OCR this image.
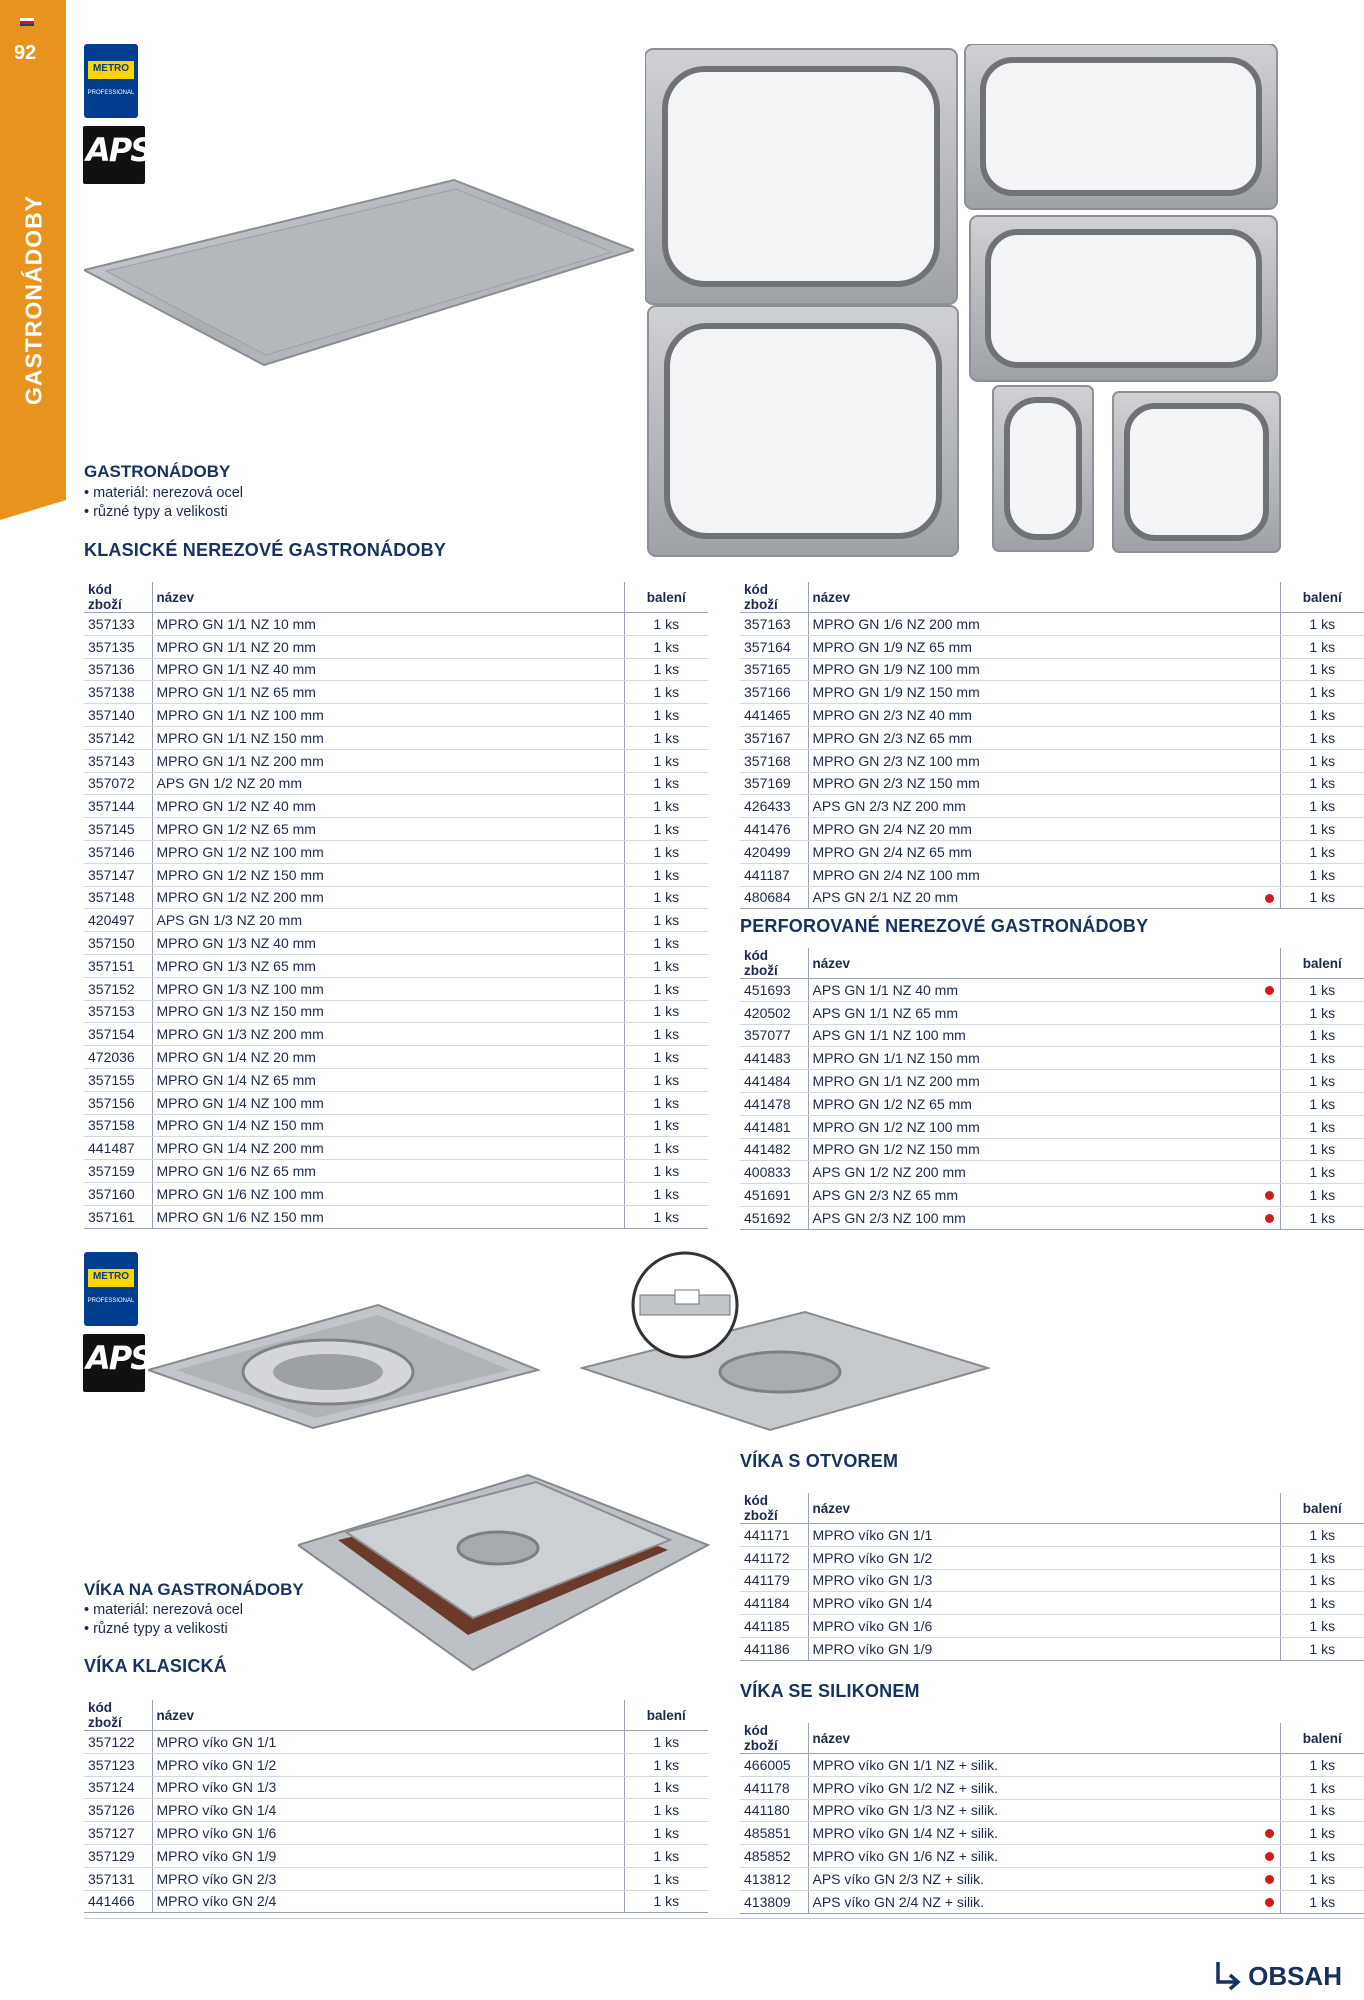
92
GASTRONÁDOBY
METRO
PROFESSIONAL
APS
GASTRONÁDOBY
• materiál: nerezová ocel
• různé typy a velikosti
KLASICKÉ NEREZOVÉ GASTRONÁDOBY
kód zboží	název	balení
357133	MPRO GN 1/1 NZ 10 mm	1 ks
357135	MPRO GN 1/1 NZ 20 mm	1 ks
357136	MPRO GN 1/1 NZ 40 mm	1 ks
357138	MPRO GN 1/1 NZ 65 mm	1 ks
357140	MPRO GN 1/1 NZ 100 mm	1 ks
357142	MPRO GN 1/1 NZ 150 mm	1 ks
357143	MPRO GN 1/1 NZ 200 mm	1 ks
357072	APS GN 1/2 NZ 20 mm	1 ks
357144	MPRO GN 1/2 NZ 40 mm	1 ks
357145	MPRO GN 1/2 NZ 65 mm	1 ks
357146	MPRO GN 1/2 NZ 100 mm	1 ks
357147	MPRO GN 1/2 NZ 150 mm	1 ks
357148	MPRO GN 1/2 NZ 200 mm	1 ks
420497	APS GN 1/3 NZ 20 mm	1 ks
357150	MPRO GN 1/3 NZ 40 mm	1 ks
357151	MPRO GN 1/3 NZ 65 mm	1 ks
357152	MPRO GN 1/3 NZ 100 mm	1 ks
357153	MPRO GN 1/3 NZ 150 mm	1 ks
357154	MPRO GN 1/3 NZ 200 mm	1 ks
472036	MPRO GN 1/4 NZ 20 mm	1 ks
357155	MPRO GN 1/4 NZ 65 mm	1 ks
357156	MPRO GN 1/4 NZ 100 mm	1 ks
357158	MPRO GN 1/4 NZ 150 mm	1 ks
441487	MPRO GN 1/4 NZ 200 mm	1 ks
357159	MPRO GN 1/6 NZ 65 mm	1 ks
357160	MPRO GN 1/6 NZ 100 mm	1 ks
357161	MPRO GN 1/6 NZ 150 mm	1 ks
kód zboží	název	balení
357163	MPRO GN 1/6 NZ 200 mm	1 ks
357164	MPRO GN 1/9 NZ 65 mm	1 ks
357165	MPRO GN 1/9 NZ 100 mm	1 ks
357166	MPRO GN 1/9 NZ 150 mm	1 ks
441465	MPRO GN 2/3 NZ 40 mm	1 ks
357167	MPRO GN 2/3 NZ 65 mm	1 ks
357168	MPRO GN 2/3 NZ 100 mm	1 ks
357169	MPRO GN 2/3 NZ 150 mm	1 ks
426433	APS GN 2/3 NZ 200 mm	1 ks
441476	MPRO GN 2/4 NZ 20 mm	1 ks
420499	MPRO GN 2/4 NZ 65 mm	1 ks
441187	MPRO GN 2/4 NZ 100 mm	1 ks
480684	APS GN 2/1 NZ 20 mm	1 ks
PERFOROVANÉ NEREZOVÉ GASTRONÁDOBY
kód zboží	název	balení
451693	APS GN 1/1 NZ 40 mm	1 ks
420502	APS GN 1/1 NZ 65 mm	1 ks
357077	APS GN 1/1 NZ 100 mm	1 ks
441483	MPRO GN 1/1 NZ 150 mm	1 ks
441484	MPRO GN 1/1 NZ 200 mm	1 ks
441478	MPRO GN 1/2 NZ 65 mm	1 ks
441481	MPRO GN 1/2 NZ 100 mm	1 ks
441482	MPRO GN 1/2 NZ 150 mm	1 ks
400833	APS GN 1/2 NZ 200 mm	1 ks
451691	APS GN 2/3 NZ 65 mm	1 ks
451692	APS GN 2/3 NZ 100 mm	1 ks
METRO
PROFESSIONAL
APS
VÍKA NA GASTRONÁDOBY
• materiál: nerezová ocel
• různé typy a velikosti
VÍKA KLASICKÁ
kód zboží	název	balení
357122	MPRO víko GN 1/1	1 ks
357123	MPRO víko GN 1/2	1 ks
357124	MPRO víko GN 1/3	1 ks
357126	MPRO víko GN 1/4	1 ks
357127	MPRO víko GN 1/6	1 ks
357129	MPRO víko GN 1/9	1 ks
357131	MPRO víko GN 2/3	1 ks
441466	MPRO víko GN 2/4	1 ks
VÍKA S OTVOREM
kód zboží	název	balení
441171	MPRO víko GN 1/1	1 ks
441172	MPRO víko GN 1/2	1 ks
441179	MPRO víko GN 1/3	1 ks
441184	MPRO víko GN 1/4	1 ks
441185	MPRO víko GN 1/6	1 ks
441186	MPRO víko GN 1/9	1 ks
VÍKA SE SILIKONEM
kód zboží	název	balení
466005	MPRO víko GN 1/1 NZ + silik.	1 ks
441178	MPRO víko GN 1/2 NZ + silik.	1 ks
441180	MPRO víko GN 1/3 NZ + silik.	1 ks
485851	MPRO víko GN 1/4 NZ + silik.	1 ks
485852	MPRO víko GN 1/6 NZ + silik.	1 ks
413812	APS víko GN 2/3 NZ + silik.	1 ks
413809	APS víko GN 2/4 NZ + silik.	1 ks
OBSAH
